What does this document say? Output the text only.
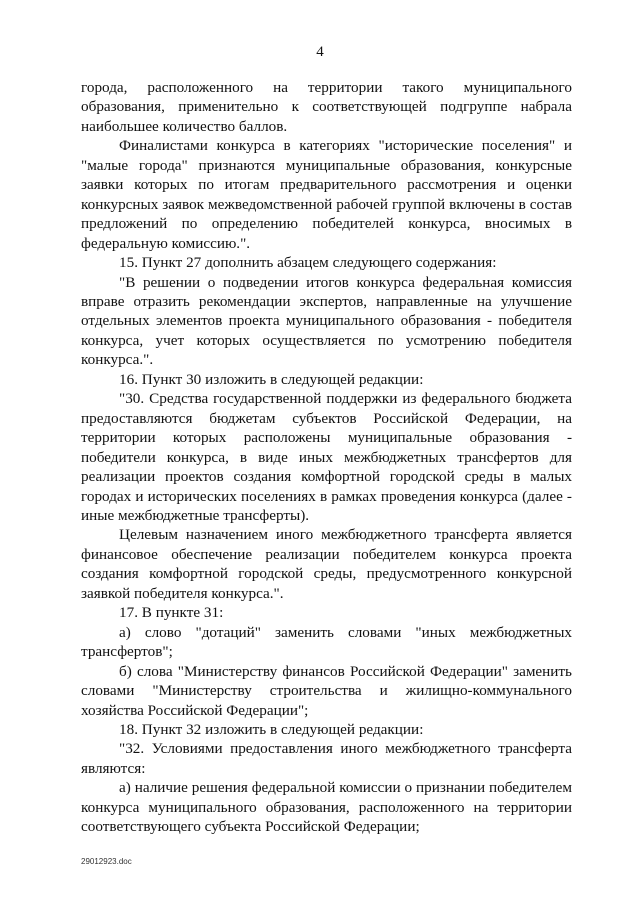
4

города, расположенного на территории такого муниципального образования, применительно к соответствующей подгруппе набрала наибольшее количество баллов.

Финалистами конкурса в категориях "исторические поселения" и "малые города" признаются муниципальные образования, конкурсные заявки которых по итогам предварительного рассмотрения и оценки конкурсных заявок межведомственной рабочей группой включены в состав предложений по определению победителей конкурса, вносимых в федеральную комиссию.".

15. Пункт 27 дополнить абзацем следующего содержания:

"В решении о подведении итогов конкурса федеральная комиссия вправе отразить рекомендации экспертов, направленные на улучшение отдельных элементов проекта муниципального образования - победителя конкурса, учет которых осуществляется по усмотрению победителя конкурса.".

16. Пункт 30 изложить в следующей редакции:

"30. Средства государственной поддержки из федерального бюджета предоставляются бюджетам субъектов Российской Федерации, на территории которых расположены муниципальные образования - победители конкурса, в виде иных межбюджетных трансфертов для реализации проектов создания комфортной городской среды в малых городах и исторических поселениях в рамках проведения конкурса (далее - иные межбюджетные трансферты).

Целевым назначением иного межбюджетного трансферта является финансовое обеспечение реализации победителем конкурса проекта создания комфортной городской среды, предусмотренного конкурсной заявкой победителя конкурса.".

17. В пункте 31:

а) слово "дотаций" заменить словами "иных межбюджетных трансфертов";

б) слова "Министерству финансов Российской Федерации" заменить словами "Министерству строительства и жилищно-коммунального хозяйства Российской Федерации";

18. Пункт 32 изложить в следующей редакции:

"32. Условиями предоставления иного межбюджетного трансферта являются:

а) наличие решения федеральной комиссии о признании победителем конкурса муниципального образования, расположенного на территории соответствующего субъекта Российской Федерации;

29012923.doc
